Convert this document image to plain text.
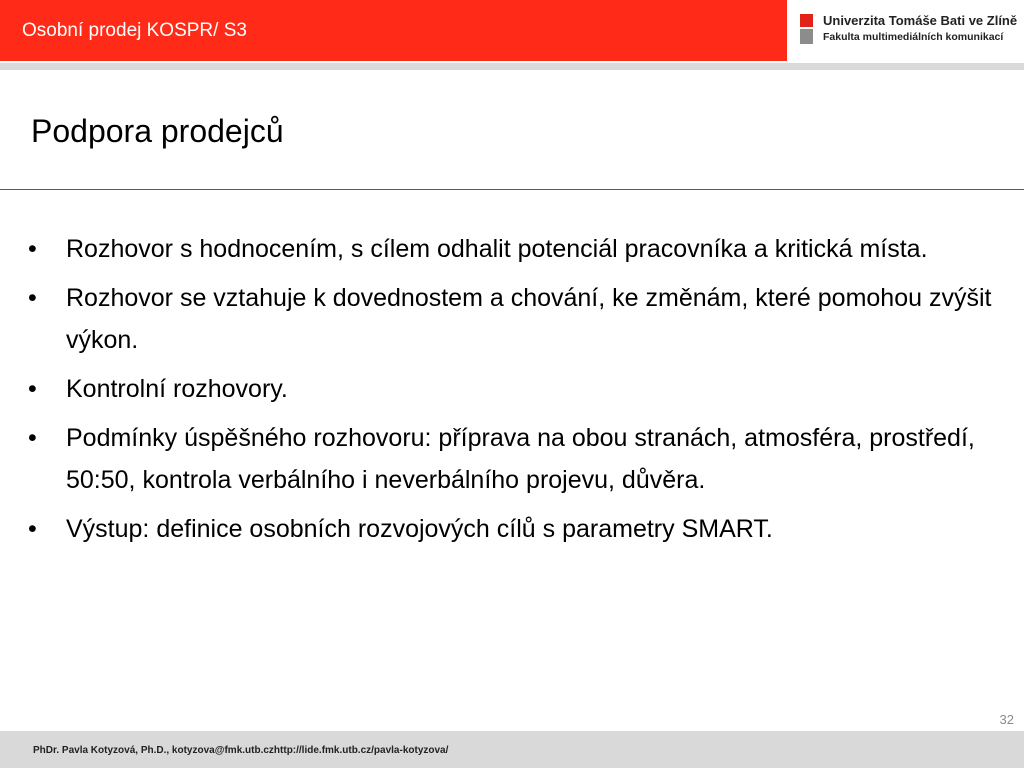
Osobní prodej KOSPR/ S3	Univerzita Tomáše Bati ve Zlíně
Fakulta multimediálních komunikací
Podpora prodejců
• Rozhovor s hodnocením, s cílem odhalit potenciál pracovníka a kritická místa.
• Rozhovor se vztahuje k dovednostem a chování, ke změnám, které pomohou zvýšit výkon.
• Kontrolní rozhovory.
• Podmínky úspěšného rozhovoru: příprava na obou stranách, atmosféra, prostředí, 50:50, kontrola verbálního i neverbálního projevu, důvěra.
• Výstup: definice osobních rozvojových cílů s parametry SMART.
32
PhDr. Pavla Kotyzová, Ph.D., kotyzova@fmk.utb.czhttp://lide.fmk.utb.cz/pavla-kotyzova/
